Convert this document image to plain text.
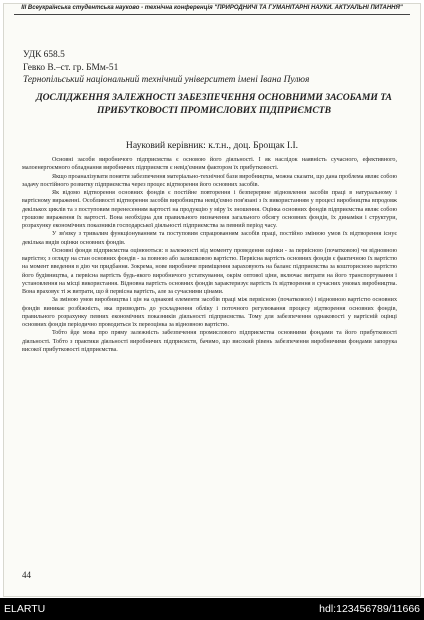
ІІІ Всеукраїнська студентська науково - технічна конференція "ПРИРОДНИЧІ ТА ГУМАНІТАРНІ НАУКИ. АКТУАЛЬНІ ПИТАННЯ"
УДК 658.5
Гевко В.–ст. гр. БМм-51
Тернопільський національний технічний університет імені Івана Пулюя
ДОСЛІДЖЕННЯ ЗАЛЕЖНОСТІ ЗАБЕЗПЕЧЕННЯ ОСНОВНИМИ ЗАСОБАМИ ТА ПРИБУТКОВОСТІ ПРОМИСЛОВИХ ПІДПРИЄМСТВ
Науковий керівник: к.т.н., доц. Брощак І.І.

Основні засоби виробничого підприємства є основою його діяльності. І як наслідок наявність сучасного, ефективного, малоенергоємного обладнання виробничих підприємств є невід'ємним фактором їх прибутковості.

Якщо проаналізувати поняття забезпечення матеріально-технічної бази виробництва, можна сказати, що дана проблема являє собою задачу постійного розвитку підприємства через процес відтворення його основних засобів.

Як відомо відтворення основних фондів є постійне повторення і безперервне відновлення засобів праці в натуральному і вартісному вираженні. Особливості відтворення засобів виробництва невід'ємно пов'язані з їх використанням у процесі виробництва впродовж декількох циклів та з поступовим перенесенням вартості на продукцію у міру їх зношення. Оцінка основних фондів підприємства являє собою грошове вираження їх вартості. Вона необхідна для правильного визначення загального обсягу основних фондів, їх динаміки і структури, розрахунку економічних показників господарської діяльності підприємства за певний період часу.

У зв'язку з тривалим функціонуванням та поступовим спрацюванням засобів праці, постійно змінюю умов їх відтворення існує декілька видів оцінки основних фондів.

Основні фонди підприємства оцінюються: в залежності від моменту проведення оцінки - за первісною (початковою) чи відновною вартістю; з огляду на стан основних фондів - за повною або залишковою вартістю. Первісна вартість основних фондів є фактичною їх вартістю на момент введення в дію чи придбання. Зокрема, нове виробниче приміщення зараховують на баланс підприємства за кошторисною вартістю його будівництва, а первісна вартість будь-якого виробничого устаткування, окрім оптової ціни, включає витрати на його транспортування і установлення на місці використання. Відновна вартість основних фондів характеризує вартість їх відтворення в сучасних умовах виробництва. Вона враховує ті ж витрати, що й первісна вартість, але за сучасними цінами.

За зміною умов виробництва і цін на однакові елементи засобів праці між первісною (початковою) і відновною вартістю основних фондів виникає розбіжність, яка призводить до ускладнення обліку і поточного регулювання процесу відтворення основних фондів, правильного розрахунку певних економічних показників діяльності підприємства. Тому для забезпечення однаковості у вартісній оцінці основних фондів періодично проводиться їх переоцінка за відновною вартістю.

Тобто йде мова про пряму залежність забезпечення промислового підприємства основними фондами та його прибутковості діяльності. Тобто з практики діяльності виробничих підприємств, бачимо, що високий рівень забезпечення виробничими фондами запорука високої прибутковості підприємства.

44
ELARTU	hdl:123456789/11666
